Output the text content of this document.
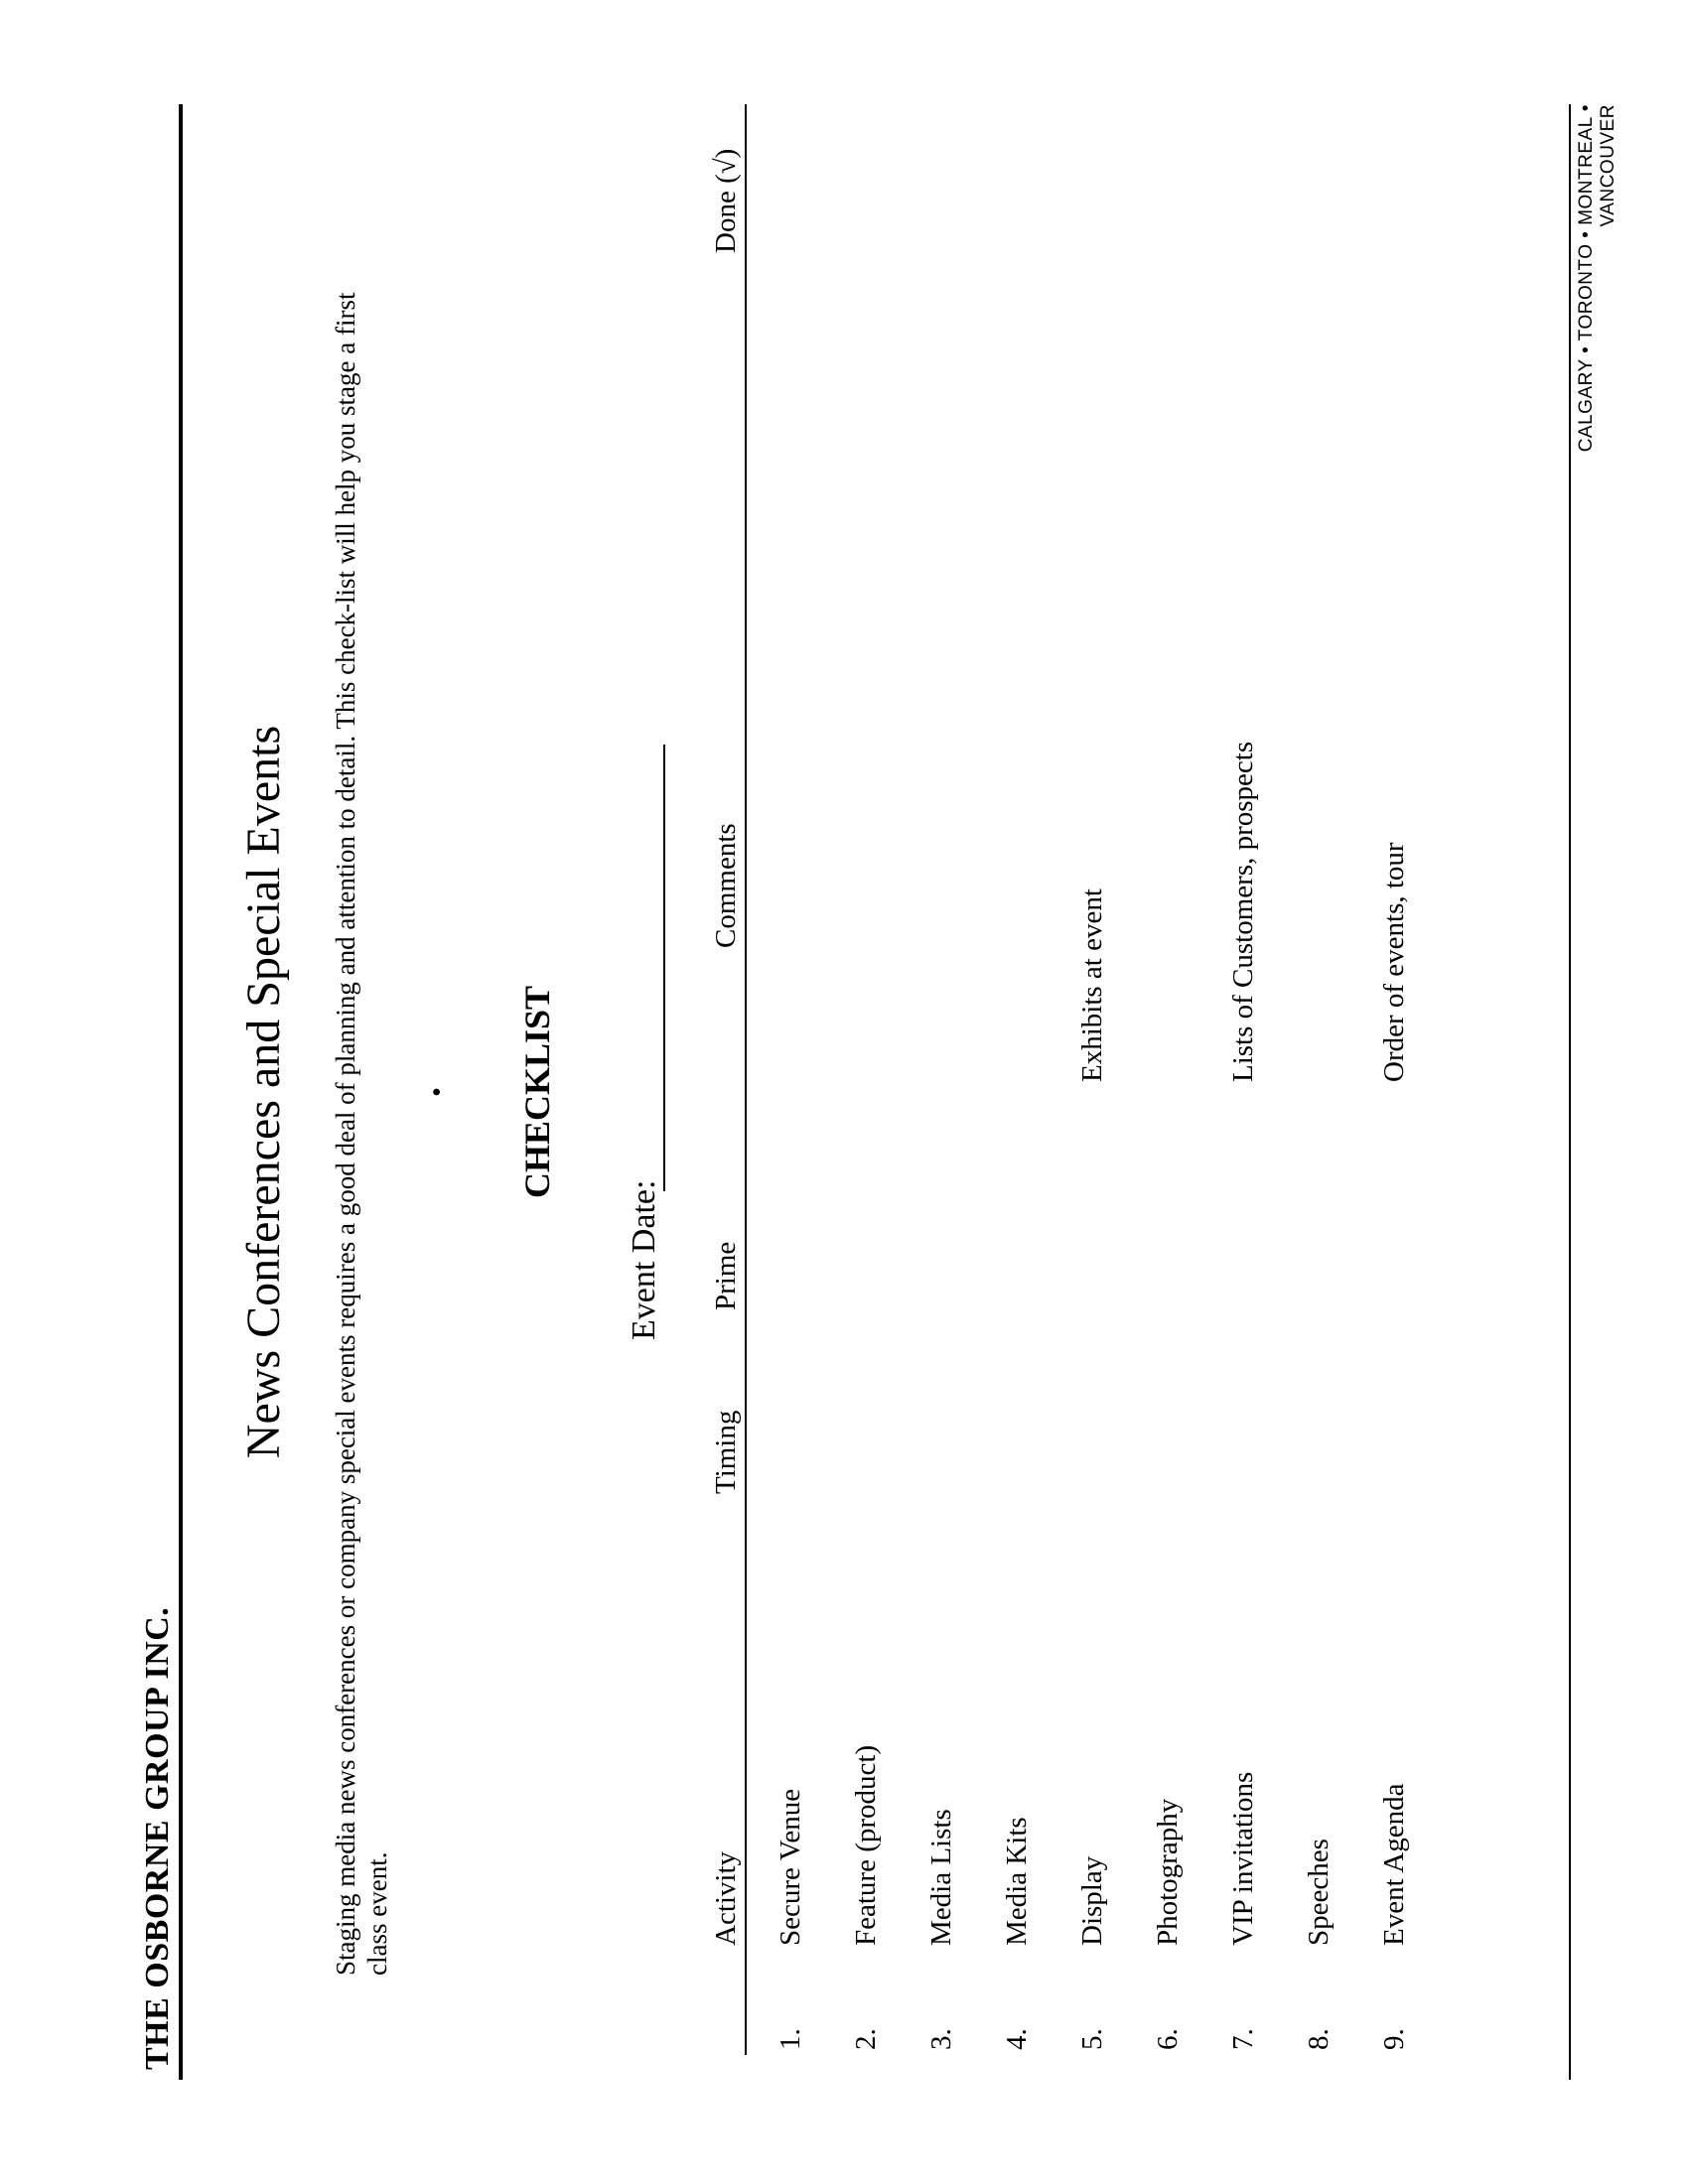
THE OSBORNE GROUP INC.
News Conferences and Special Events Staging media news conferences or company special events requires a good deal of planning and attention to detail. This check-list will help you stage a first class event.
• CHECKLIST
Event Date:
Activity
Timing
Prime
Comments
Done (√)
1.
Secure Venue
2.
Feature (product)
3.
Media Lists
4.
Media Kits
5.
Display
Exhibits at event
6.
Photography
7.
VIP invitations
Lists of Customers, prospects
8.
Speeches
9.
Event Agenda
Order of events, tour
CALGARY • TORONTO • MONTREAL • VANCOUVER
